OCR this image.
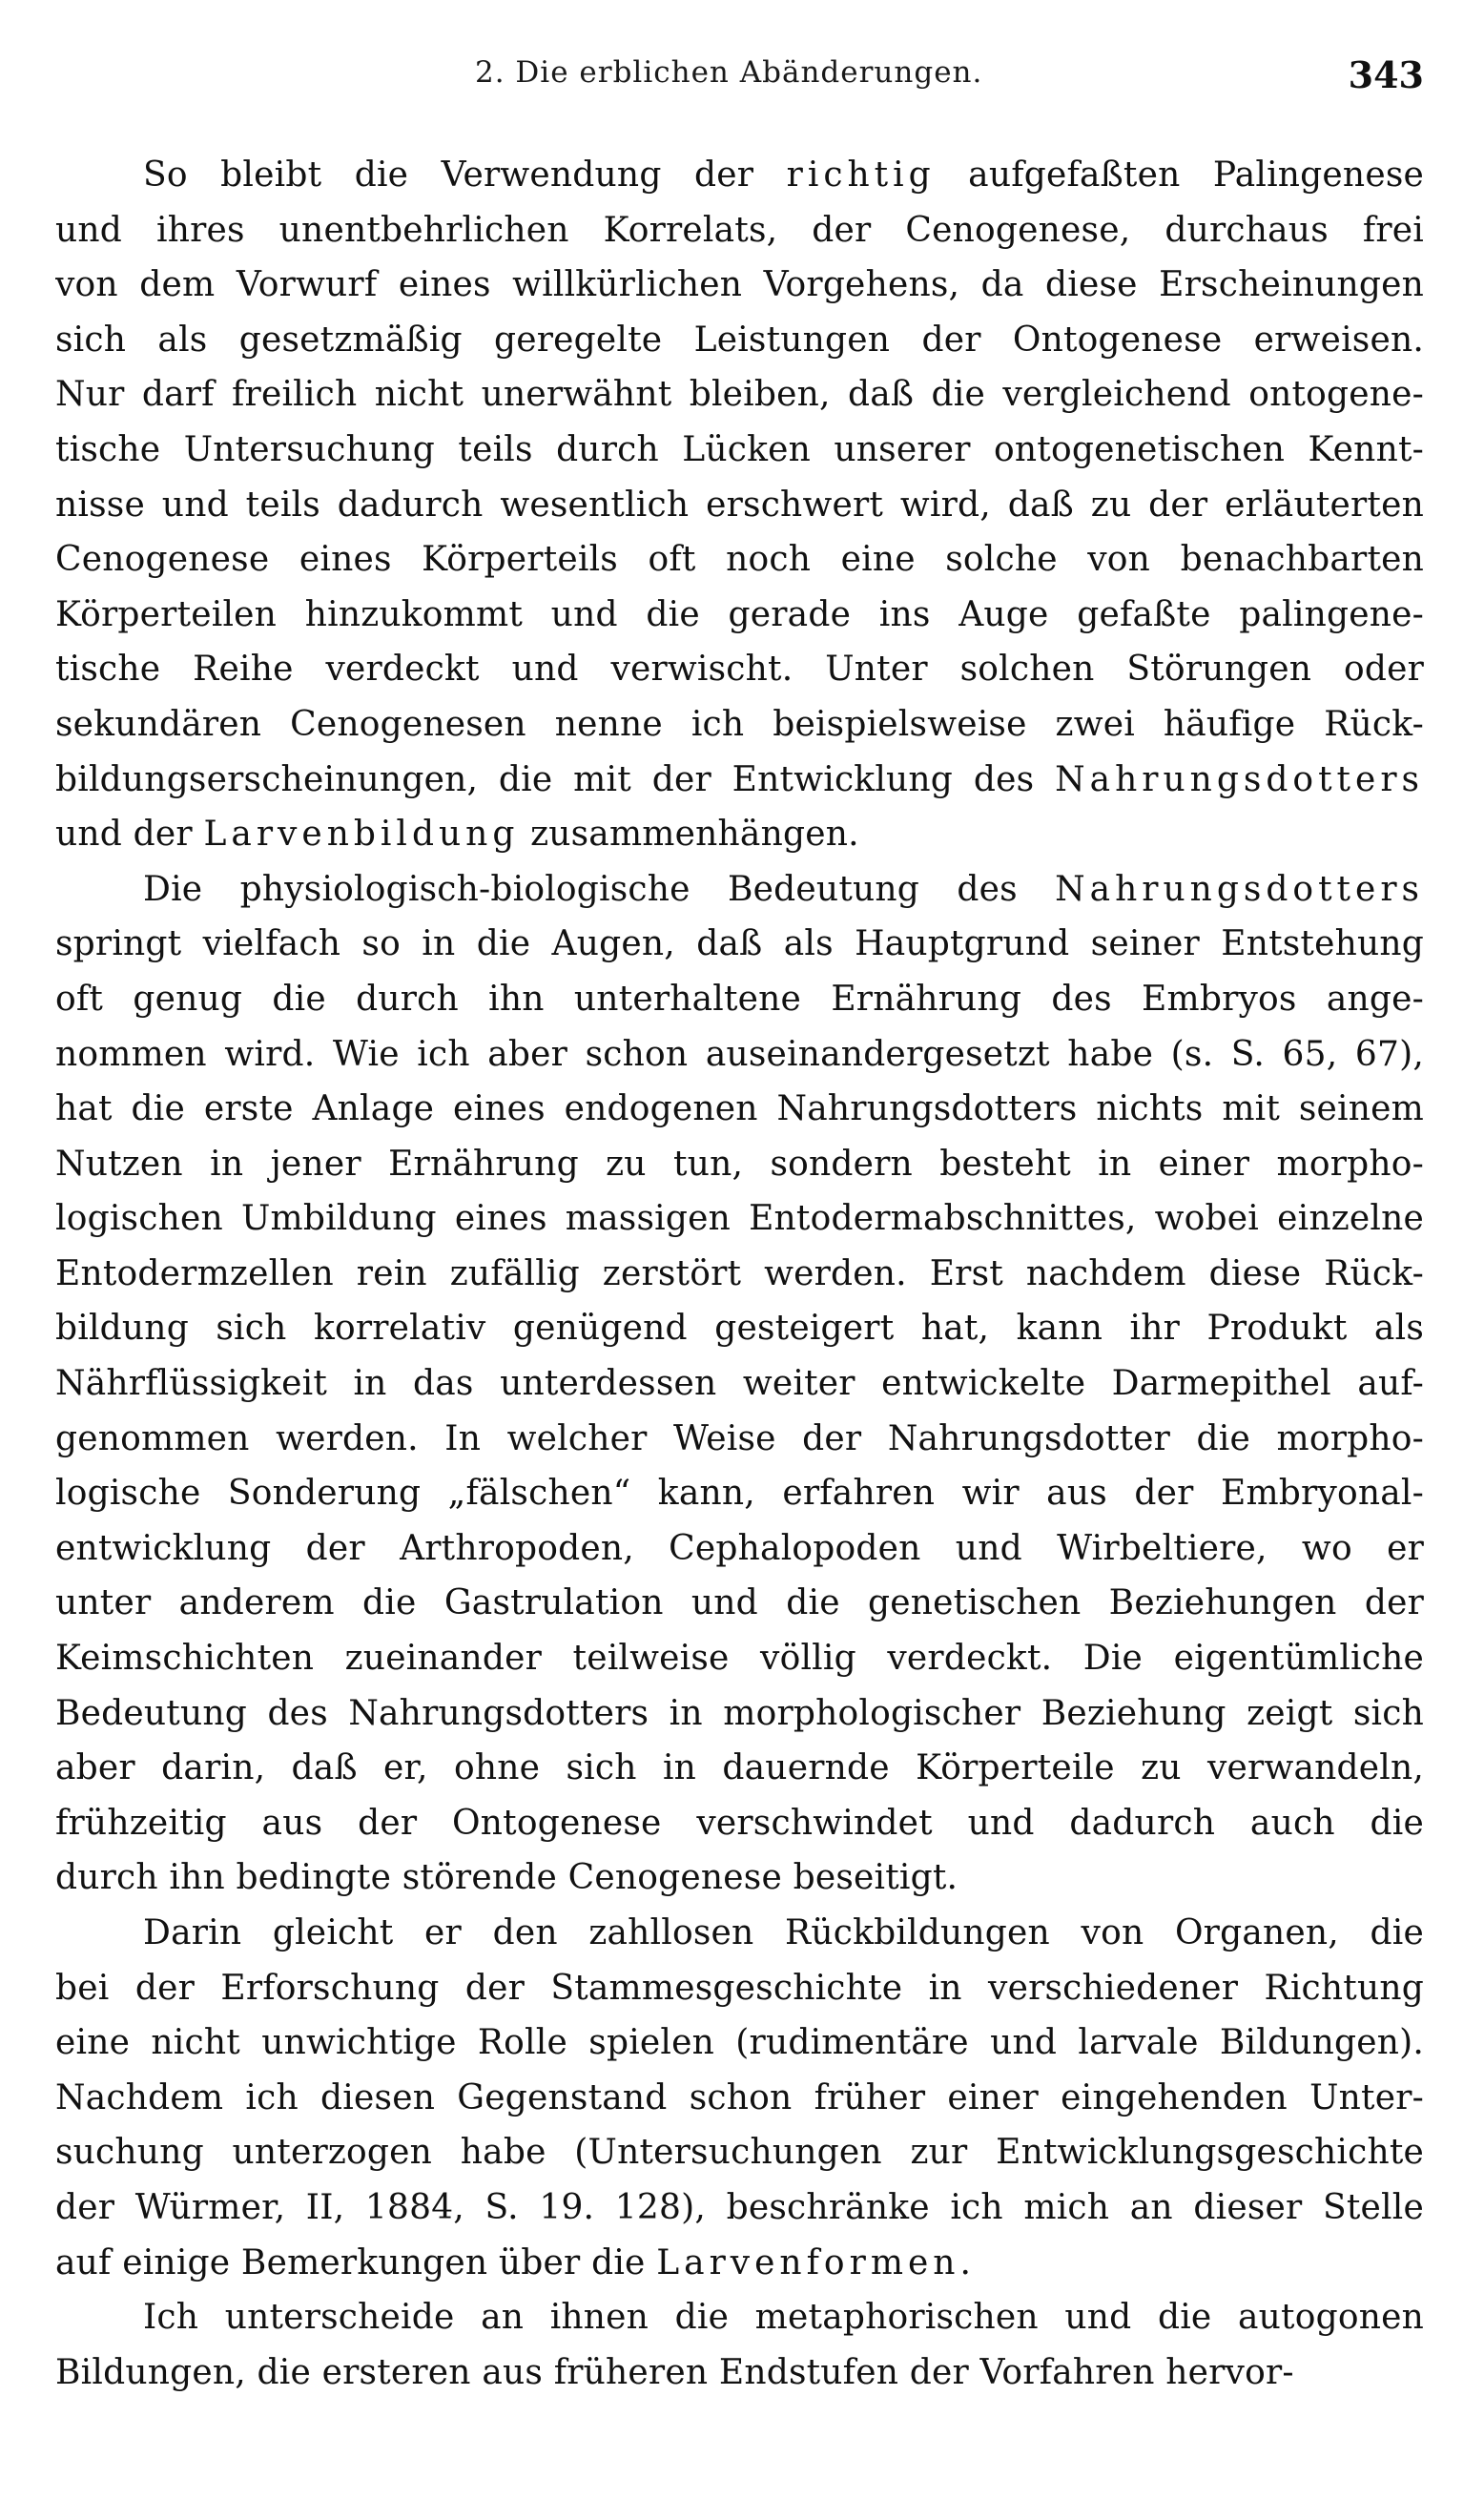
2. Die erblichen Abänderungen.	343
So bleibt die Verwendung der richtig aufgefaßten Palingenese
und ihres unentbehrlichen Korrelats, der Cenogenese, durchaus frei
von dem Vorwurf eines willkürlichen Vorgehens, da diese Erscheinungen
sich als gesetzmäßig geregelte Leistungen der Ontogenese erweisen.
Nur darf freilich nicht unerwähnt bleiben, daß die vergleichend ontogene-
tische Untersuchung teils durch Lücken unserer ontogenetischen Kennt-
nisse und teils dadurch wesentlich erschwert wird, daß zu der erläuterten
Cenogenese eines Körperteils oft noch eine solche von benachbarten
Körperteilen hinzukommt und die gerade ins Auge gefaßte palingene-
tische Reihe verdeckt und verwischt. Unter solchen Störungen oder
sekundären Cenogenesen nenne ich beispielsweise zwei häufige Rück-
bildungserscheinungen, die mit der Entwicklung des Nahrungsdotters
und der Larvenbildung zusammenhängen.
Die physiologisch-biologische Bedeutung des Nahrungsdotters
springt vielfach so in die Augen, daß als Hauptgrund seiner Entstehung
oft genug die durch ihn unterhaltene Ernährung des Embryos ange-
nommen wird. Wie ich aber schon auseinandergesetzt habe (s. S. 65, 67),
hat die erste Anlage eines endogenen Nahrungsdotters nichts mit seinem
Nutzen in jener Ernährung zu tun, sondern besteht in einer morpho-
logischen Umbildung eines massigen Entodermabschnittes, wobei einzelne
Entodermzellen rein zufällig zerstört werden. Erst nachdem diese Rück-
bildung sich korrelativ genügend gesteigert hat, kann ihr Produkt als
Nährflüssigkeit in das unterdessen weiter entwickelte Darmepithel auf-
genommen werden. In welcher Weise der Nahrungsdotter die morpho-
logische Sonderung „fälschen“ kann, erfahren wir aus der Embryonal-
entwicklung der Arthropoden, Cephalopoden und Wirbeltiere, wo er
unter anderem die Gastrulation und die genetischen Beziehungen der
Keimschichten zueinander teilweise völlig verdeckt. Die eigentümliche
Bedeutung des Nahrungsdotters in morphologischer Beziehung zeigt sich
aber darin, daß er, ohne sich in dauernde Körperteile zu verwandeln,
frühzeitig aus der Ontogenese verschwindet und dadurch auch die
durch ihn bedingte störende Cenogenese beseitigt.
Darin gleicht er den zahllosen Rückbildungen von Organen, die
bei der Erforschung der Stammesgeschichte in verschiedener Richtung
eine nicht unwichtige Rolle spielen (rudimentäre und larvale Bildungen).
Nachdem ich diesen Gegenstand schon früher einer eingehenden Unter-
suchung unterzogen habe (Untersuchungen zur Entwicklungsgeschichte
der Würmer, II, 1884, S. 19. 128), beschränke ich mich an dieser Stelle
auf einige Bemerkungen über die Larvenformen.
Ich unterscheide an ihnen die metaphorischen und die autogonen
Bildungen, die ersteren aus früheren Endstufen der Vorfahren hervor-
